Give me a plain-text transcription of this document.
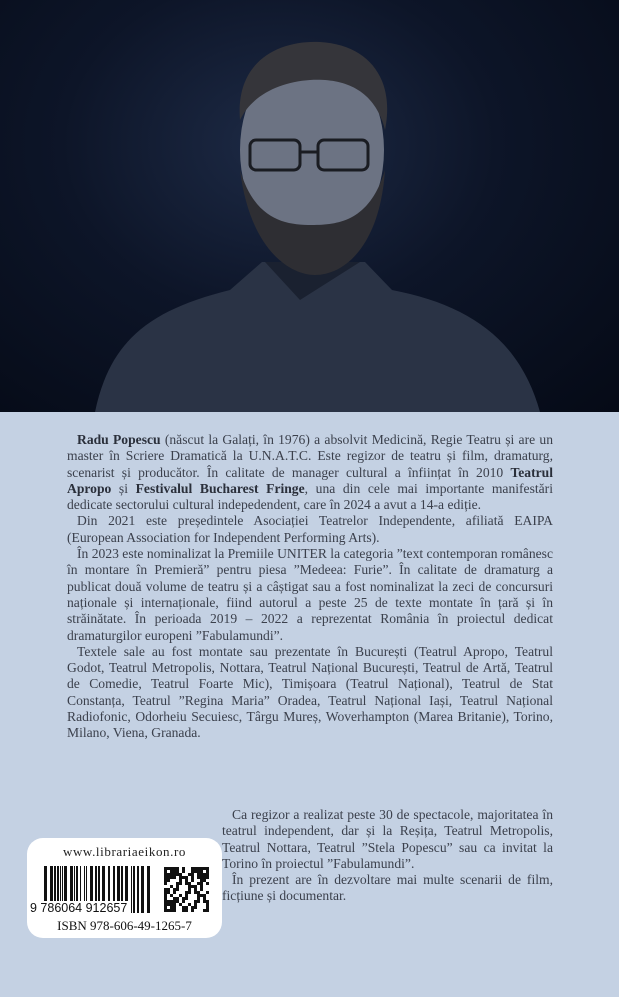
Radu Popescu (născut la Galați, în 1976) a absolvit Medicină, Regie Teatru și are un master în Scriere Dramatică la U.N.A.T.C. Este regizor de teatru și film, dramaturg, scenarist și producător. În calitate de manager cultural a înființat în 2010 Teatrul Apropo și Festivalul Bucharest Fringe, una din cele mai importante manifestări dedicate sectorului cultural indepedendent, care în 2024 a avut a 14-a ediție.

Din 2021 este președintele Asociației Teatrelor Independente, afiliată EAIPA (European Association for Independent Performing Arts).

În 2023 este nominalizat la Premiile UNITER la categoria ”text contemporan românesc în montare în Premieră” pentru piesa ”Medeea: Furie”. În calitate de dramaturg a publicat două volume de teatru și a câștigat sau a fost nominalizat la zeci de concursuri naționale și internaționale, fiind autorul a peste 25 de texte montate în țară și în străinătate. În perioada 2019 – 2022 a reprezentat România în proiectul dedicat dramaturgilor europeni ”Fabulamundi”.

Textele sale au fost montate sau prezentate în București (Teatrul Apropo, Teatrul Godot, Teatrul Metropolis, Nottara, Teatrul Național București, Teatrul de Artă, Teatrul de Comedie, Teatrul Foarte Mic), Timișoara (Teatrul Național), Teatrul de Stat Constanța, Teatrul ”Regina Maria” Oradea, Teatrul Național Iași, Teatrul Național Radiofonic, Odorheiu Secuiesc, Târgu Mureș, Woverhampton (Marea Britanie), Torino, Milano, Viena, Granada.

Ca regizor a realizat peste 30 de spectacole, majoritatea în teatrul independent, dar și la Reșița, Teatrul Metropolis, Teatrul Nottara, Teatrul ”Stela Popescu” sau ca invitat la Torino în proiectul ”Fabulamundi”.

În prezent are în dezvoltare mai multe scenarii de film, ficțiune și documentar.

www.librariaeikon.ro
9 786064 912657
ISBN 978-606-49-1265-7
